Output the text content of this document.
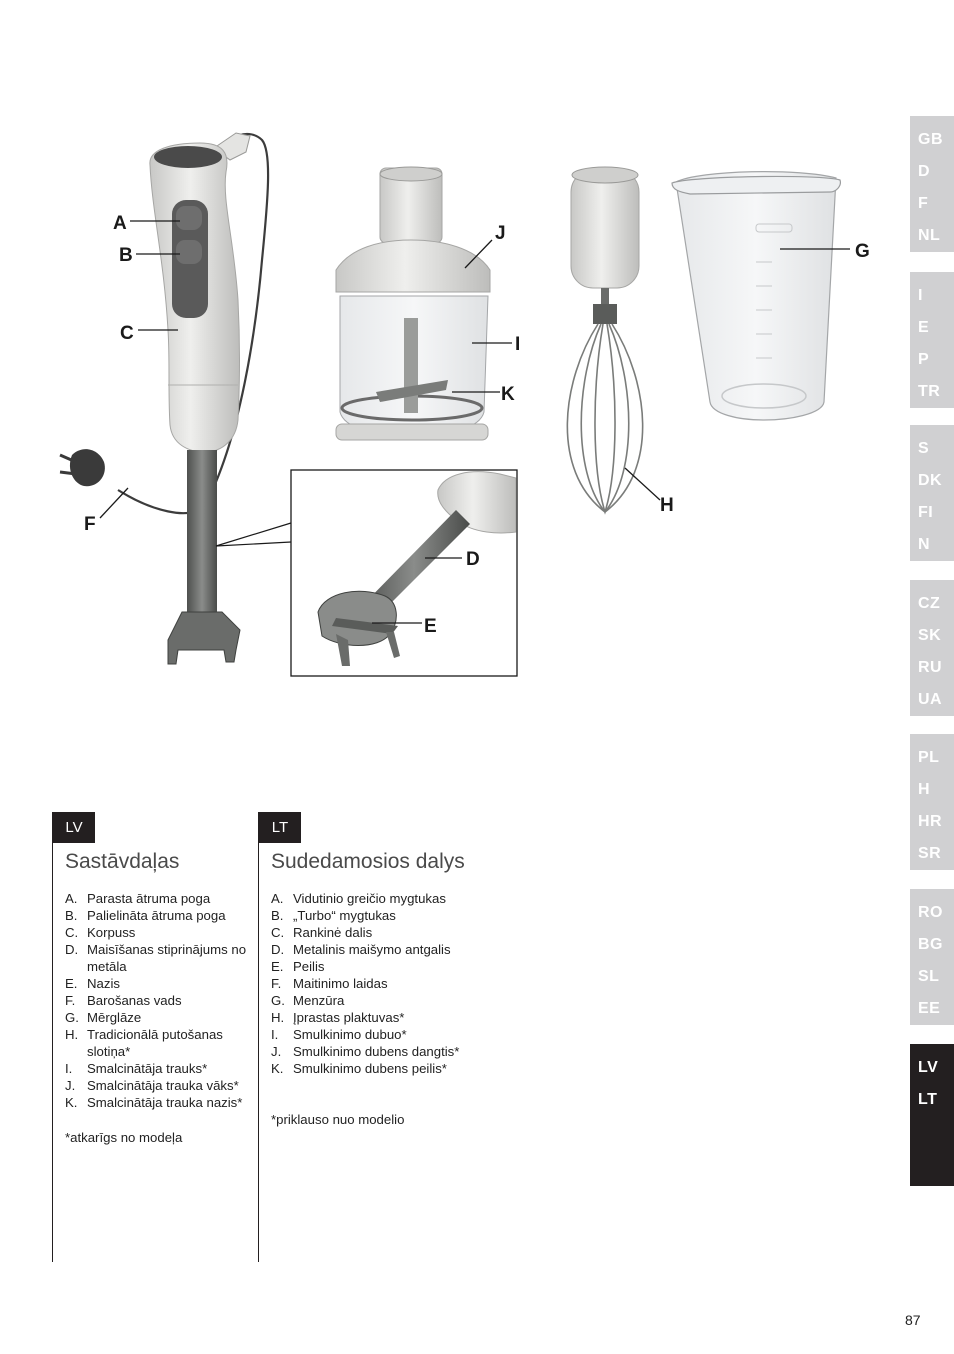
A
B
C
D
E
F
G
H
I
J
K
GB
D
F
NL
I
E
P
TR
S
DK
FI
N
CZ
SK
RU
UA
PL
H
HR
SR
RO
BG
SL
EE
LV
LT
LV
Sastāvdaļas
A. Parasta ātruma poga
B. Palielināta ātruma poga
C. Korpuss
D. Maisīšanas stiprinājums no metāla
E. Nazis
F. Barošanas vads
G. Mērglāze
H. Tradicionālā putošanas slotiņa*
I. Smalcinātāja trauks*
J. Smalcinātāja trauka vāks*
K. Smalcinātāja trauka nazis*
*atkarīgs no modeļa
LT
Sudedamosios dalys
A. Vidutinio greičio mygtukas
B. „Turbo“ mygtukas
C. Rankinė dalis
D. Metalinis maišymo antgalis
E. Peilis
F. Maitinimo laidas
G. Menzūra
H. Įprastas plaktuvas*
I. Smulkinimo dubuo*
J. Smulkinimo dubens dangtis*
K. Smulkinimo dubens peilis*
*priklauso nuo modelio
87
